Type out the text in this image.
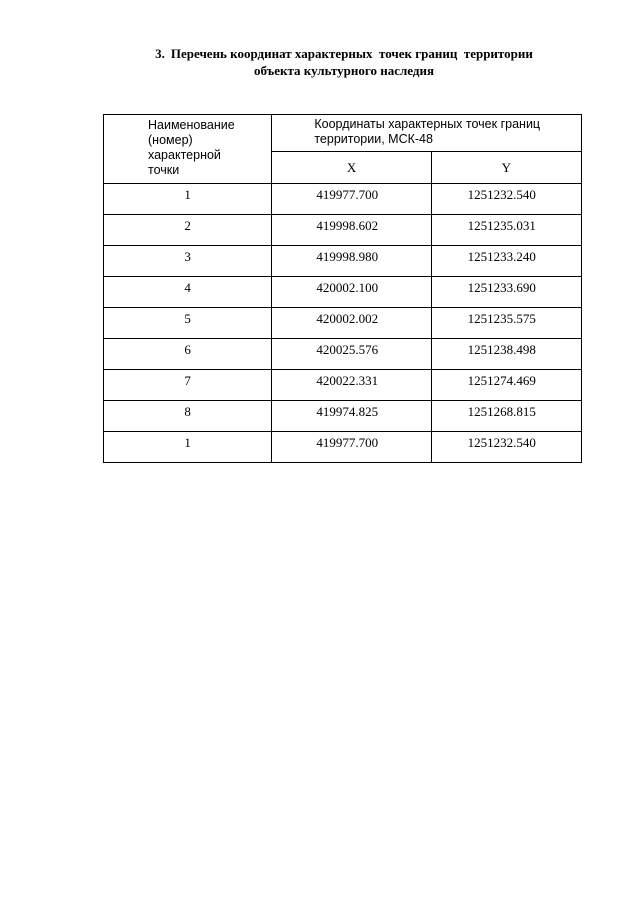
3. Перечень координат характерных  точек границ  территории
объекта культурного наследия
Наименование
(номер)
характерной
точки	Координаты характерных точек границ территории, МСК-48	
	X	Y
1	419977.700	1251232.540
2	419998.602	1251235.031
3	419998.980	1251233.240
4	420002.100	1251233.690
5	420002.002	1251235.575
6	420025.576	1251238.498
7	420022.331	1251274.469
8	419974.825	1251268.815
1	419977.700	1251232.540
